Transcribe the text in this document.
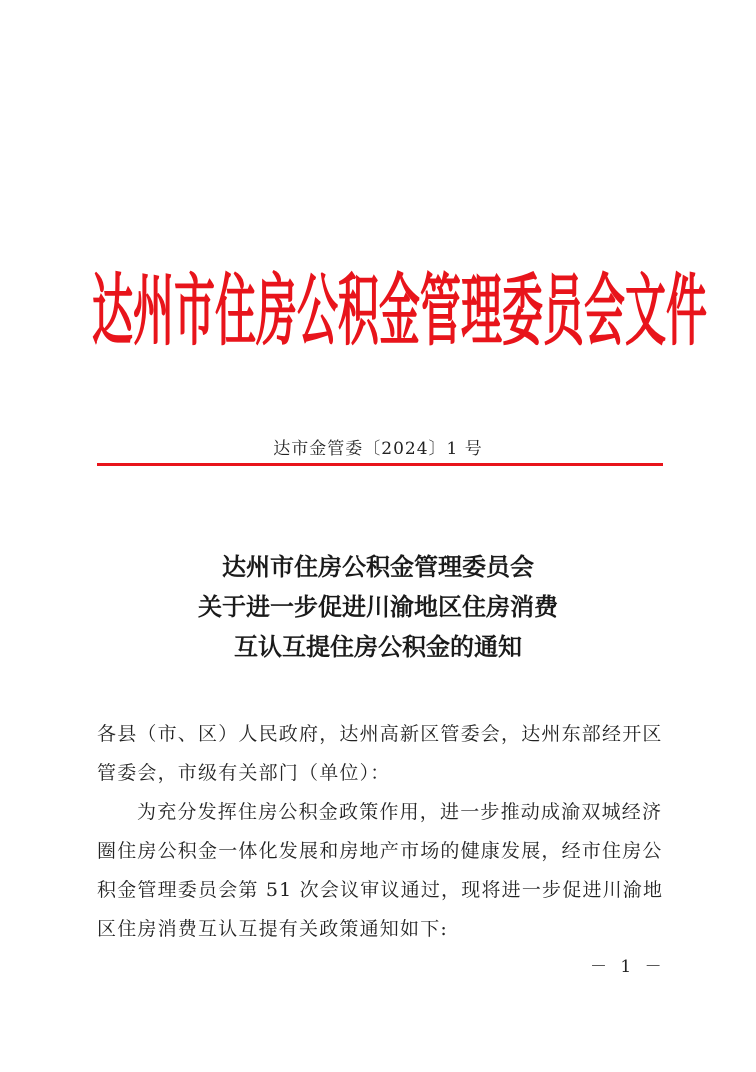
达州市住房公积金管理委员会文件
达市金管委〔2024〕1 号
达州市住房公积金管理委员会
关于进一步促进川渝地区住房消费
互认互提住房公积金的通知

各县（市、区）人民政府，达州高新区管委会，达州东部经开区管委会，市级有关部门（单位）：

为充分发挥住房公积金政策作用，进一步推动成渝双城经济圈住房公积金一体化发展和房地产市场的健康发展，经市住房公积金管理委员会第 51 次会议审议通过，现将进一步促进川渝地区住房消费互认互提有关政策通知如下:

－ 1 －
